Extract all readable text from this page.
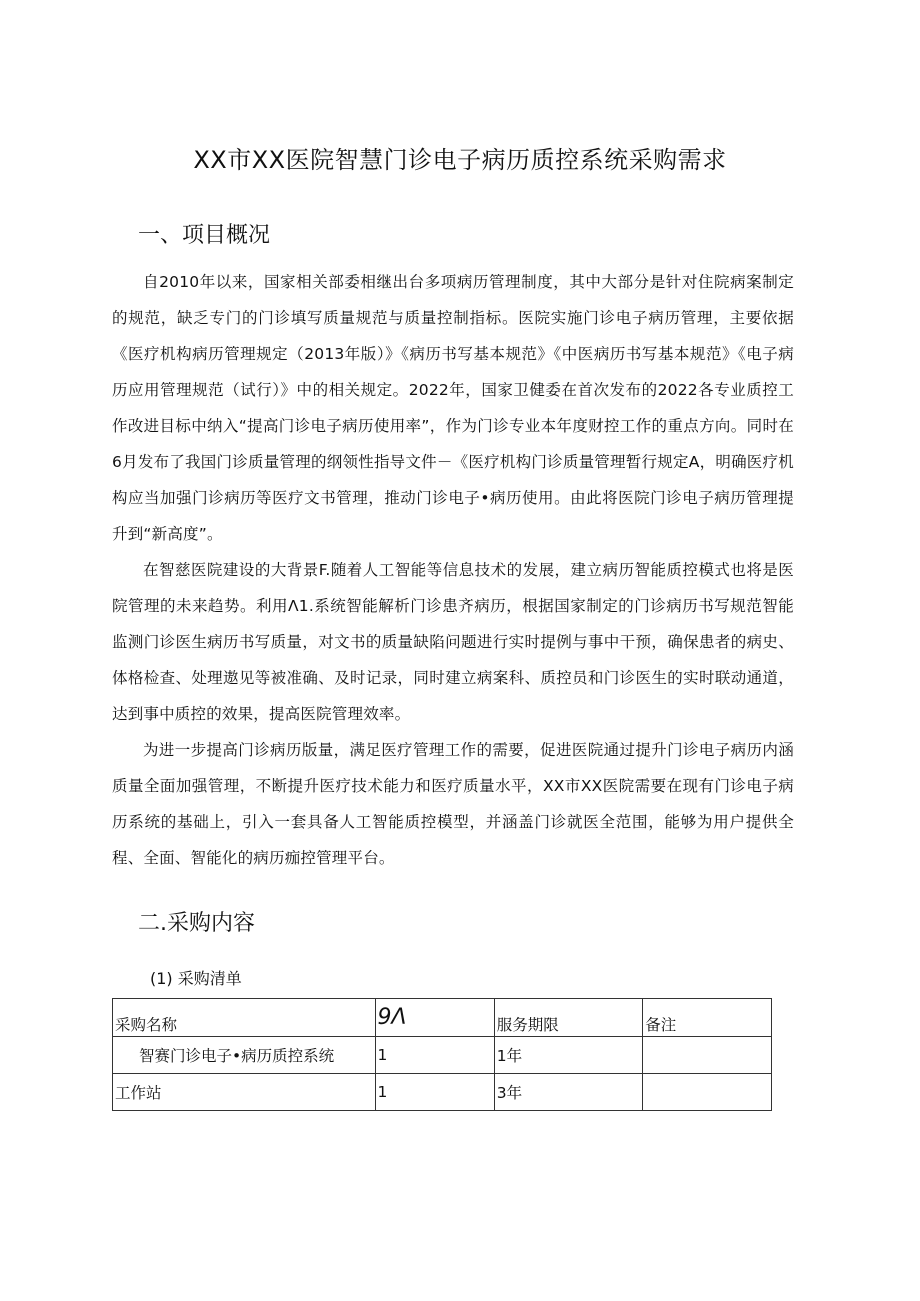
XX市XX医院智慧门诊电子病历质控系统采购需求
一、项目概况

自2010年以来，国家相关部委相继出台多项病历管理制度，其中大部分是针对住院病案制定的规范，缺乏专门的门诊填写质量规范与质量控制指标。医院实施门诊电子病历管理，主要依据《医疗机构病历管理规定（2013年版）》《病历书写基本规范》《中医病历书写基本规范》《电子病历应用管理规范（试行）》中的相关规定。2022年，国家卫健委在首次发布的2022各专业质控工作改进目标中纳入“提高门诊电子病历使用率”，作为门诊专业本年度财控工作的重点方向。同时在6月发布了我国门诊质量管理的纲领性指导文件－《医疗机构门诊质量管理暂行规定A，明确医疗机构应当加强门诊病历等医疗文书管理，推动门诊电子•病历使用。由此将医院门诊电子病历管理提升到“新高度”。

在智慈医院建设的大背景F.随着人工智能等信息技术的发展，建立病历智能质控模式也将是医院管理的未来趋势。利用Λ1.系统智能解析门诊患齐病历，根据国家制定的门诊病历书写规范智能监测门诊医生病历书写质量，对文书的质量缺陷问题进行实时提例与事中干预，确保患者的病史、体格检查、处理遨见等被准确、及时记录，同时建立病案科、质控员和门诊医生的实时联动通道，达到事中质控的效果，提高医院管理效率。

为进一步提高门诊病历版量，满足医疗管理工作的需要，促进医院通过提升门诊电子病历内涵质量全面加强管理，不断提升医疗技术能力和医疗质量水平，XX市XX医院需要在现有门诊电子病历系统的基础上，引入一套具备人工智能质控模型，并涵盖门诊就医全范围，能够为用户提供全程、全面、智能化的病历痂控管理平台。

二.采购内容

(1) 采购清单

采购名称	9Λ	服务期限	备注
智赛门诊电子•病历质控系统	1	1年	
工作站	1	3年	
